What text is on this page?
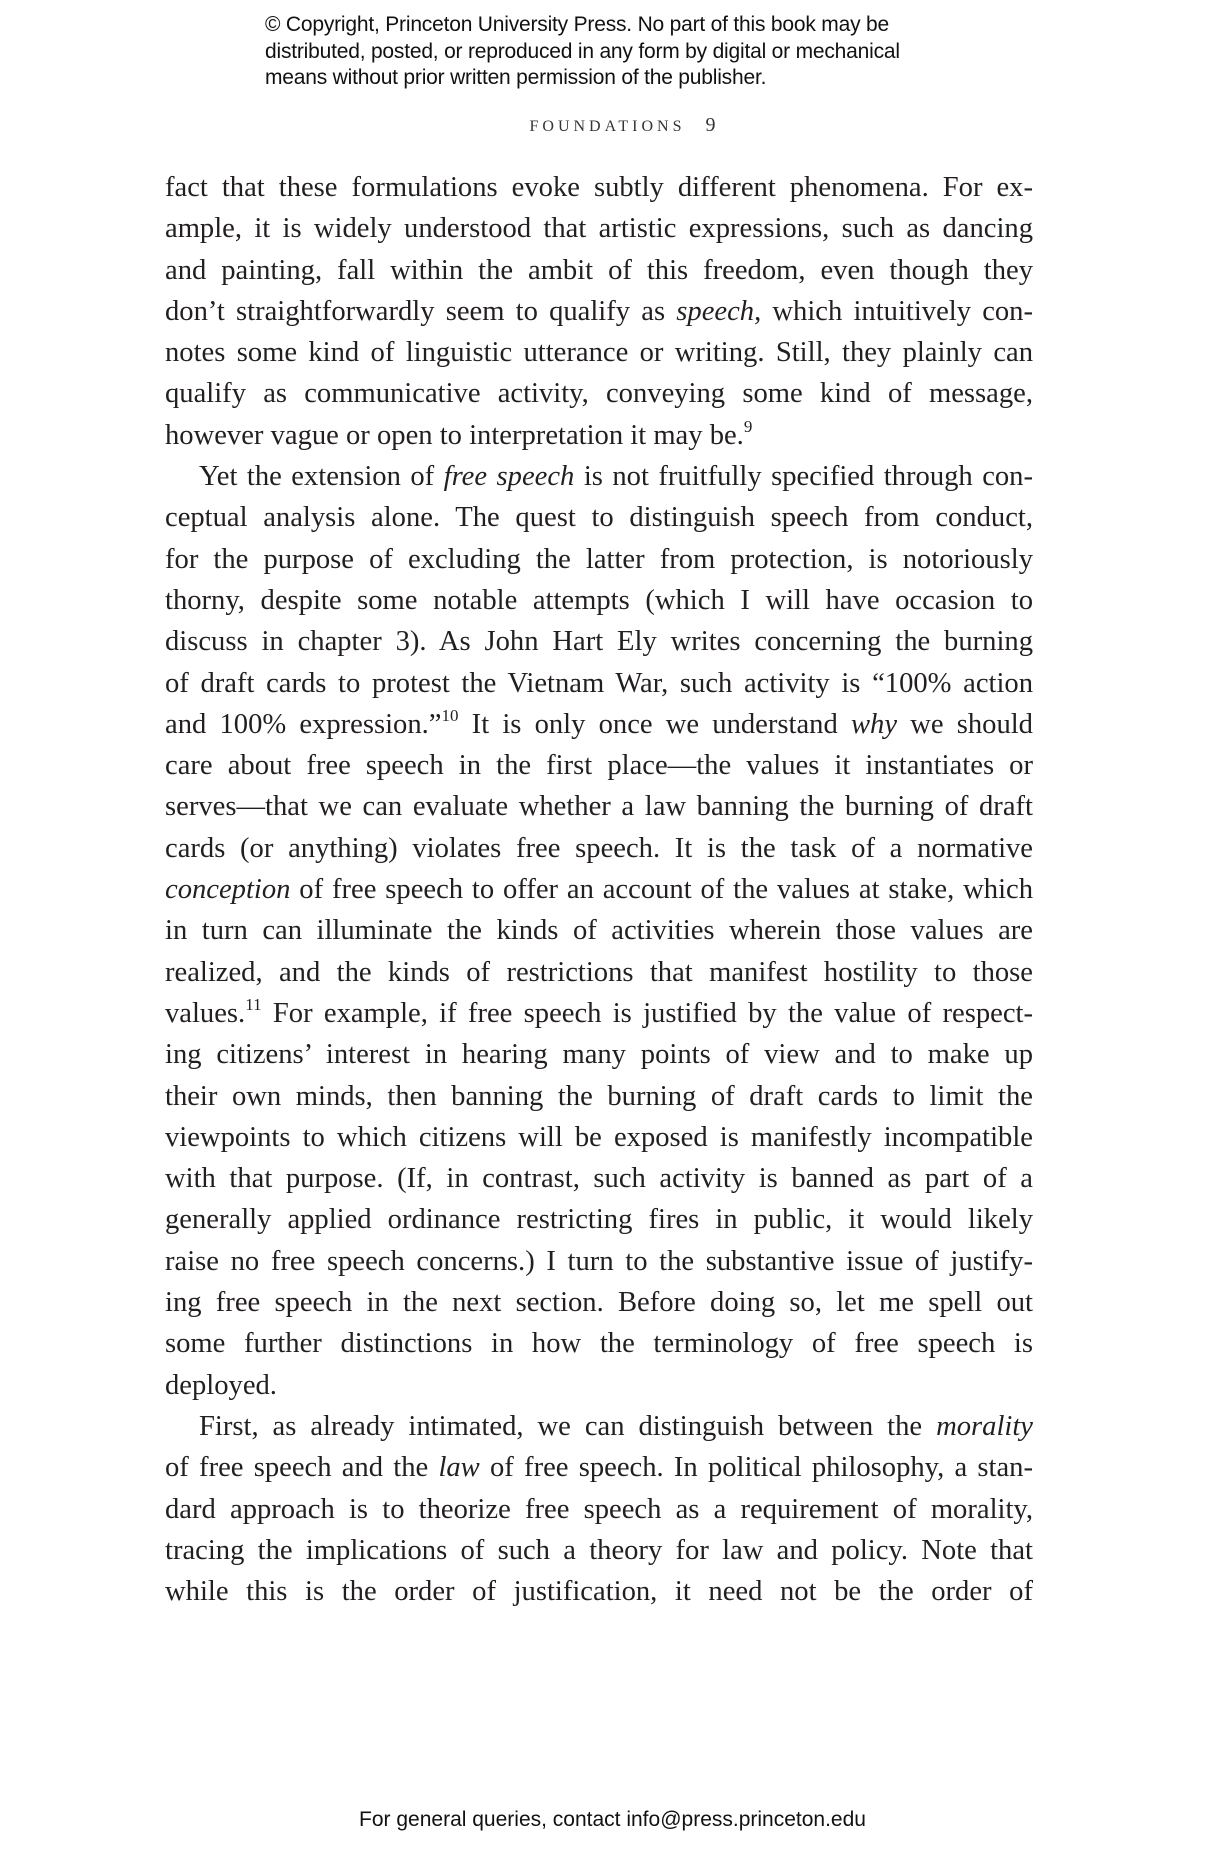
© Copyright, Princeton University Press. No part of this book may be
distributed, posted, or reproduced in any form by digital or mechanical
means without prior written permission of the publisher.
FOUNDATIONS 9
fact that these formulations evoke subtly different phenomena. For ex-
ample, it is widely understood that artistic expressions, such as dancing
and painting, fall within the ambit of this freedom, even though they
don’t straightforwardly seem to qualify as speech, which intuitively con-
notes some kind of linguistic utterance or writing. Still, they plainly can
qualify as communicative activity, conveying some kind of message,
however vague or open to interpretation it may be.$^9$
Yet the extension of free speech is not fruitfully specified through con-
ceptual analysis alone. The quest to distinguish speech from conduct,
for the purpose of excluding the latter from protection, is notoriously
thorny, despite some notable attempts (which I will have occasion to
discuss in chapter 3). As John Hart Ely writes concerning the burning
of draft cards to protest the Vietnam War, such activity is “100% action
and 100% expression.”$^{10}$ It is only once we understand why we should
care about free speech in the first place—the values it instantiates or
serves—that we can evaluate whether a law banning the burning of draft
cards (or anything) violates free speech. It is the task of a normative
conception of free speech to offer an account of the values at stake, which
in turn can illuminate the kinds of activities wherein those values are
realized, and the kinds of restrictions that manifest hostility to those
values.$^{11}$ For example, if free speech is justified by the value of respect-
ing citizens’ interest in hearing many points of view and to make up
their own minds, then banning the burning of draft cards to limit the
viewpoints to which citizens will be exposed is manifestly incompatible
with that purpose. (If, in contrast, such activity is banned as part of a
generally applied ordinance restricting fires in public, it would likely
raise no free speech concerns.) I turn to the substantive issue of justify-
ing free speech in the next section. Before doing so, let me spell out
some further distinctions in how the terminology of free speech is
deployed.
First, as already intimated, we can distinguish between the morality
of free speech and the law of free speech. In political philosophy, a stan-
dard approach is to theorize free speech as a requirement of morality,
tracing the implications of such a theory for law and policy. Note that
while this is the order of justification, it need not be the order of
For general queries, contact info@press.princeton.edu
